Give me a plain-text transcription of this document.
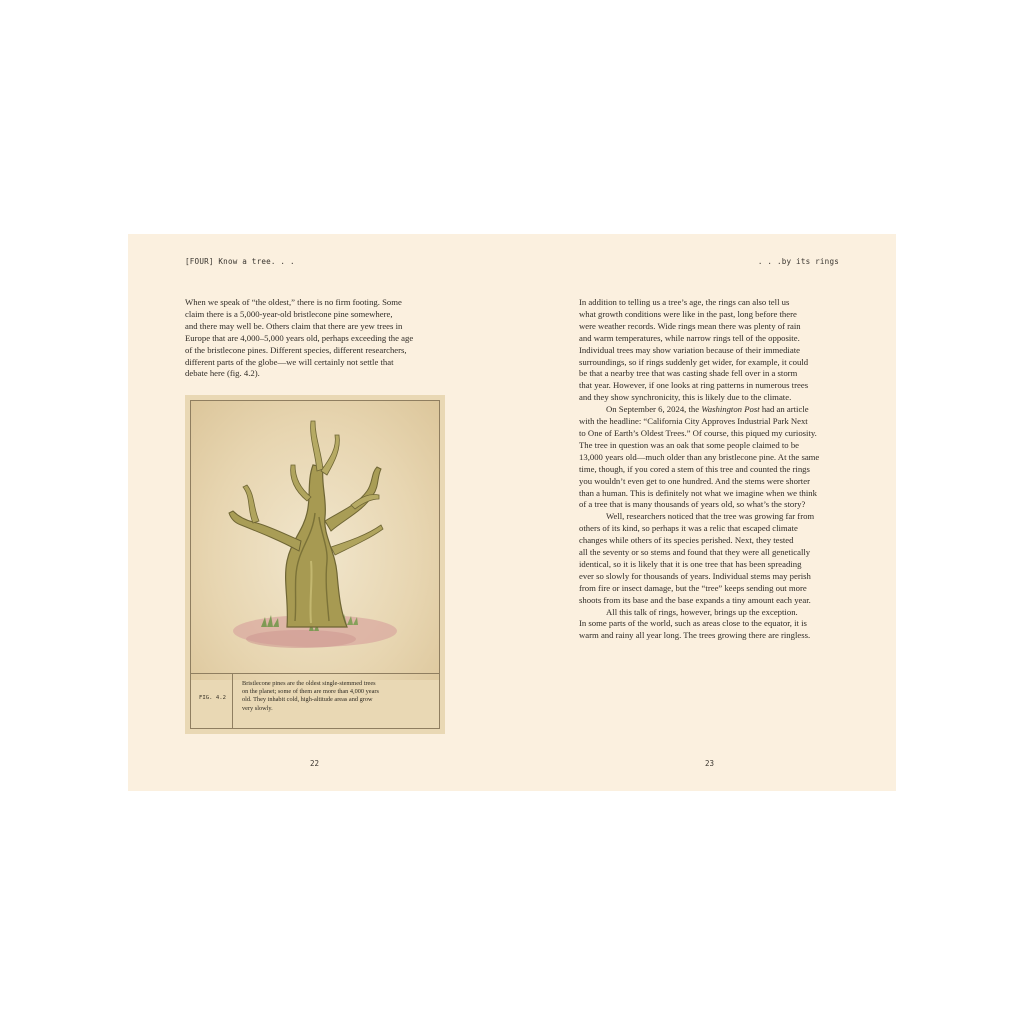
[FOUR] Know a tree. . .	. . .by its rings
When we speak of “the oldest,” there is no firm footing. Some
claim there is a 5,000-year-old bristlecone pine somewhere,
and there may well be. Others claim that there are yew trees in
Europe that are 4,000–5,000 years old, perhaps exceeding the age
of the bristlecone pines. Different species, different researchers,
different parts of the globe—we will certainly not settle that
debate here (fig. 4.2).
FIG. 4.2
Bristlecone pines are the oldest single-stemmed trees
on the planet; some of them are more than 4,000 years
old. They inhabit cold, high-altitude areas and grow
very slowly.
In addition to telling us a tree’s age, the rings can also tell us
what growth conditions were like in the past, long before there
were weather records. Wide rings mean there was plenty of rain
and warm temperatures, while narrow rings tell of the opposite.
Individual trees may show variation because of their immediate
surroundings, so if rings suddenly get wider, for example, it could
be that a nearby tree that was casting shade fell over in a storm
that year. However, if one looks at ring patterns in numerous trees
and they show synchronicity, this is likely due to the climate.
On September 6, 2024, the Washington Post had an article
with the headline: “California City Approves Industrial Park Next
to One of Earth’s Oldest Trees.” Of course, this piqued my curiosity.
The tree in question was an oak that some people claimed to be
13,000 years old—much older than any bristlecone pine. At the same
time, though, if you cored a stem of this tree and counted the rings
you wouldn’t even get to one hundred. And the stems were shorter
than a human. This is definitely not what we imagine when we think
of a tree that is many thousands of years old, so what’s the story?
Well, researchers noticed that the tree was growing far from
others of its kind, so perhaps it was a relic that escaped climate
changes while others of its species perished. Next, they tested
all the seventy or so stems and found that they were all genetically
identical, so it is likely that it is one tree that has been spreading
ever so slowly for thousands of years. Individual stems may perish
from fire or insect damage, but the “tree” keeps sending out more
shoots from its base and the base expands a tiny amount each year.
All this talk of rings, however, brings up the exception.
In some parts of the world, such as areas close to the equator, it is
warm and rainy all year long. The trees growing there are ringless.
22	23
